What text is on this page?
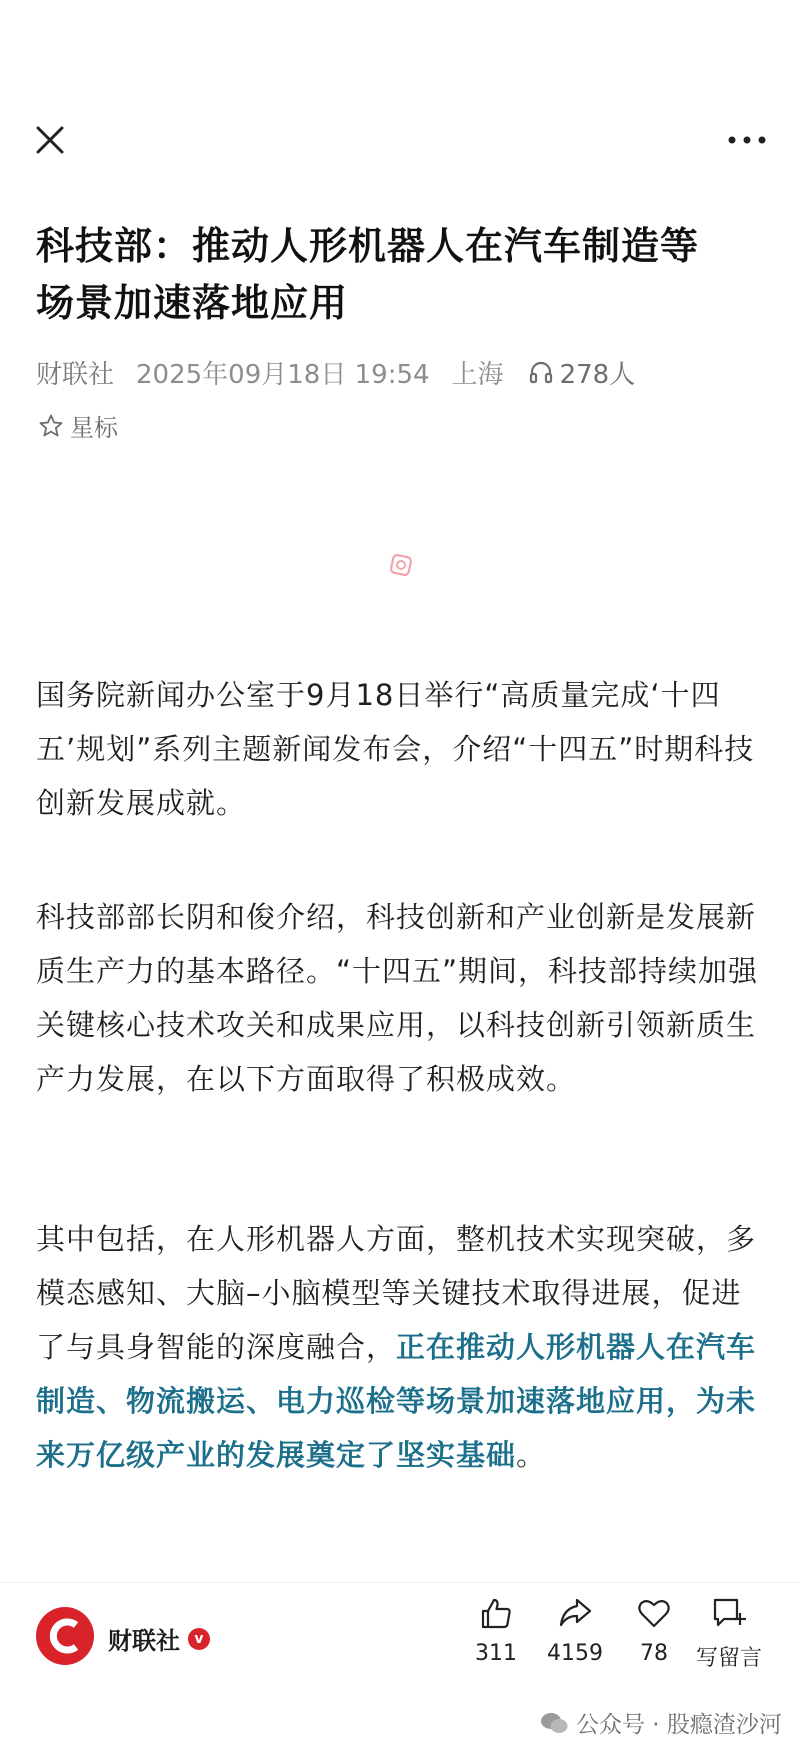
科技部：推动人形机器人在汽车制造等
场景加速落地应用
财联社 2025年09月18日 19:54 上海 278人
星标

国务院新闻办公室于9月18日举行“高质量完成‘十四五’规划”系列主题新闻发布会，介绍“十四五”时期科技创新发展成就。

科技部部长阴和俊介绍，科技创新和产业创新是发展新质生产力的基本路径。“十四五”期间，科技部持续加强关键核心技术攻关和成果应用，以科技创新引领新质生产力发展，在以下方面取得了积极成效。

其中包括，在人形机器人方面，整机技术实现突破，多模态感知、大脑–小脑模型等关键技术取得进展，促进了与具身智能的深度融合，正在推动人形机器人在汽车制造、物流搬运、电力巡检等场景加速落地应用，为未来万亿级产业的发展奠定了坚实基础。

财联社	v
311	4159	78	写留言
公众号 · 股瘾渣沙河
